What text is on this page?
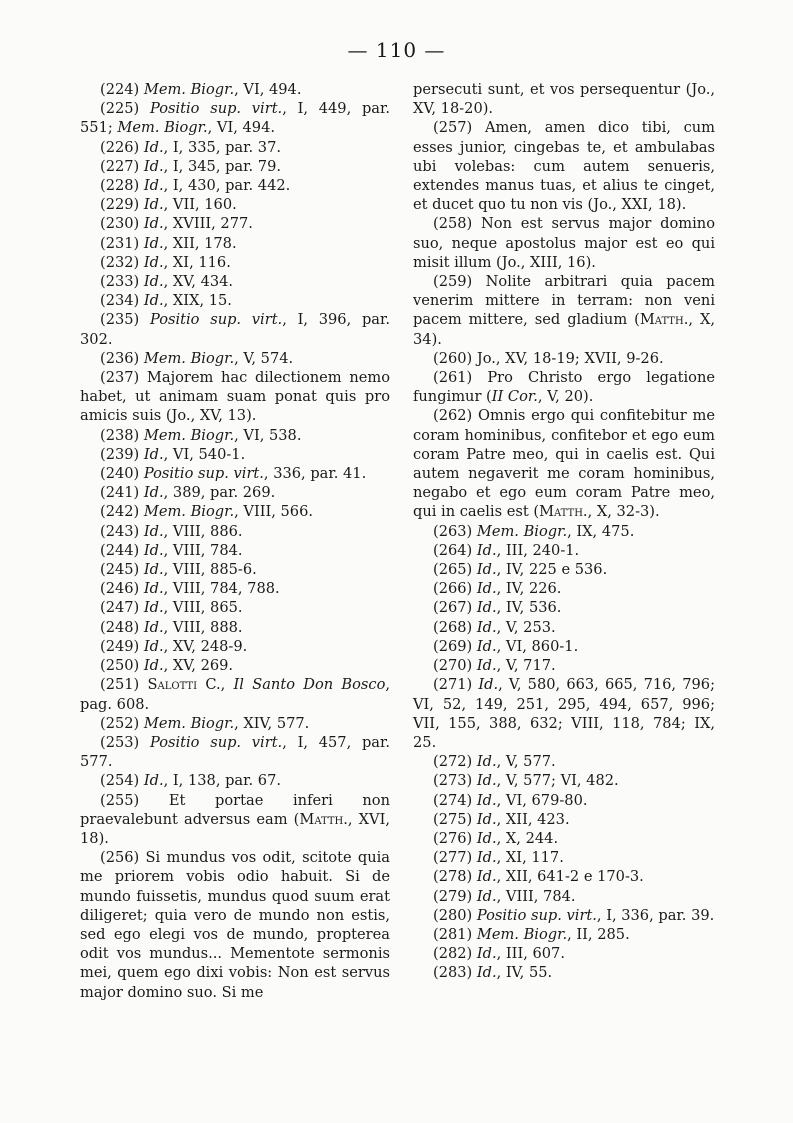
— 110 —

(224) Mem. Biogr., VI, 494.

(225) Positio sup. virt., I, 449, par. 551; Mem. Biogr., VI, 494.

(226) Id., I, 335, par. 37.

(227) Id., I, 345, par. 79.

(228) Id., I, 430, par. 442.

(229) Id., VII, 160.

(230) Id., XVIII, 277.

(231) Id., XII, 178.

(232) Id., XI, 116.

(233) Id., XV, 434.

(234) Id., XIX, 15.

(235) Positio sup. virt., I, 396, par. 302.

(236) Mem. Biogr., V, 574.

(237) Majorem hac dilectionem nemo habet, ut animam suam ponat quis pro amicis suis (Jo., XV, 13).

(238) Mem. Biogr., VI, 538.

(239) Id., VI, 540-1.

(240) Positio sup. virt., 336, par. 41.

(241) Id., 389, par. 269.

(242) Mem. Biogr., VIII, 566.

(243) Id., VIII, 886.

(244) Id., VIII, 784.

(245) Id., VIII, 885-6.

(246) Id., VIII, 784, 788.

(247) Id., VIII, 865.

(248) Id., VIII, 888.

(249) Id., XV, 248-9.

(250) Id., XV, 269.

(251) Salotti C., Il Santo Don Bosco, pag. 608.

(252) Mem. Biogr., XIV, 577.

(253) Positio sup. virt., I, 457, par. 577.

(254) Id., I, 138, par. 67.

(255) Et portae inferi non praevalebunt adversus eam (Matth., XVI, 18).

(256) Si mundus vos odit, scitote quia me priorem vobis odio habuit. Si de mundo fuissetis, mundus quod suum erat diligeret; quia vero de mundo non estis, sed ego elegi vos de mundo, propterea odit vos mundus... Mementote sermonis mei, quem ego dixi vobis: Non est servus major domino suo. Si me

persecuti sunt, et vos persequentur (Jo., XV, 18-20).

(257) Amen, amen dico tibi, cum esses junior, cingebas te, et ambulabas ubi volebas: cum autem senueris, extendes manus tuas, et alius te cinget, et ducet quo tu non vis (Jo., XXI, 18).

(258) Non est servus major domino suo, neque apostolus major est eo qui misit illum (Jo., XIII, 16).

(259) Nolite arbitrari quia pacem venerim mittere in terram: non veni pacem mittere, sed gladium (Matth., X, 34).

(260) Jo., XV, 18-19; XVII, 9-26.

(261) Pro Christo ergo legatione fungimur (II Cor., V, 20).

(262) Omnis ergo qui confitebitur me coram hominibus, confitebor et ego eum coram Patre meo, qui in caelis est. Qui autem negaverit me coram hominibus, negabo et ego eum coram Patre meo, qui in caelis est (Matth., X, 32-3).

(263) Mem. Biogr., IX, 475.

(264) Id., III, 240-1.

(265) Id., IV, 225 e 536.

(266) Id., IV, 226.

(267) Id., IV, 536.

(268) Id., V, 253.

(269) Id., VI, 860-1.

(270) Id., V, 717.

(271) Id., V, 580, 663, 665, 716, 796; VI, 52, 149, 251, 295, 494, 657, 996; VII, 155, 388, 632; VIII, 118, 784; IX, 25.

(272) Id., V, 577.

(273) Id., V, 577; VI, 482.

(274) Id., VI, 679-80.

(275) Id., XII, 423.

(276) Id., X, 244.

(277) Id., XI, 117.

(278) Id., XII, 641-2 e 170-3.

(279) Id., VIII, 784.

(280) Positio sup. virt., I, 336, par. 39.

(281) Mem. Biogr., II, 285.

(282) Id., III, 607.

(283) Id., IV, 55.
